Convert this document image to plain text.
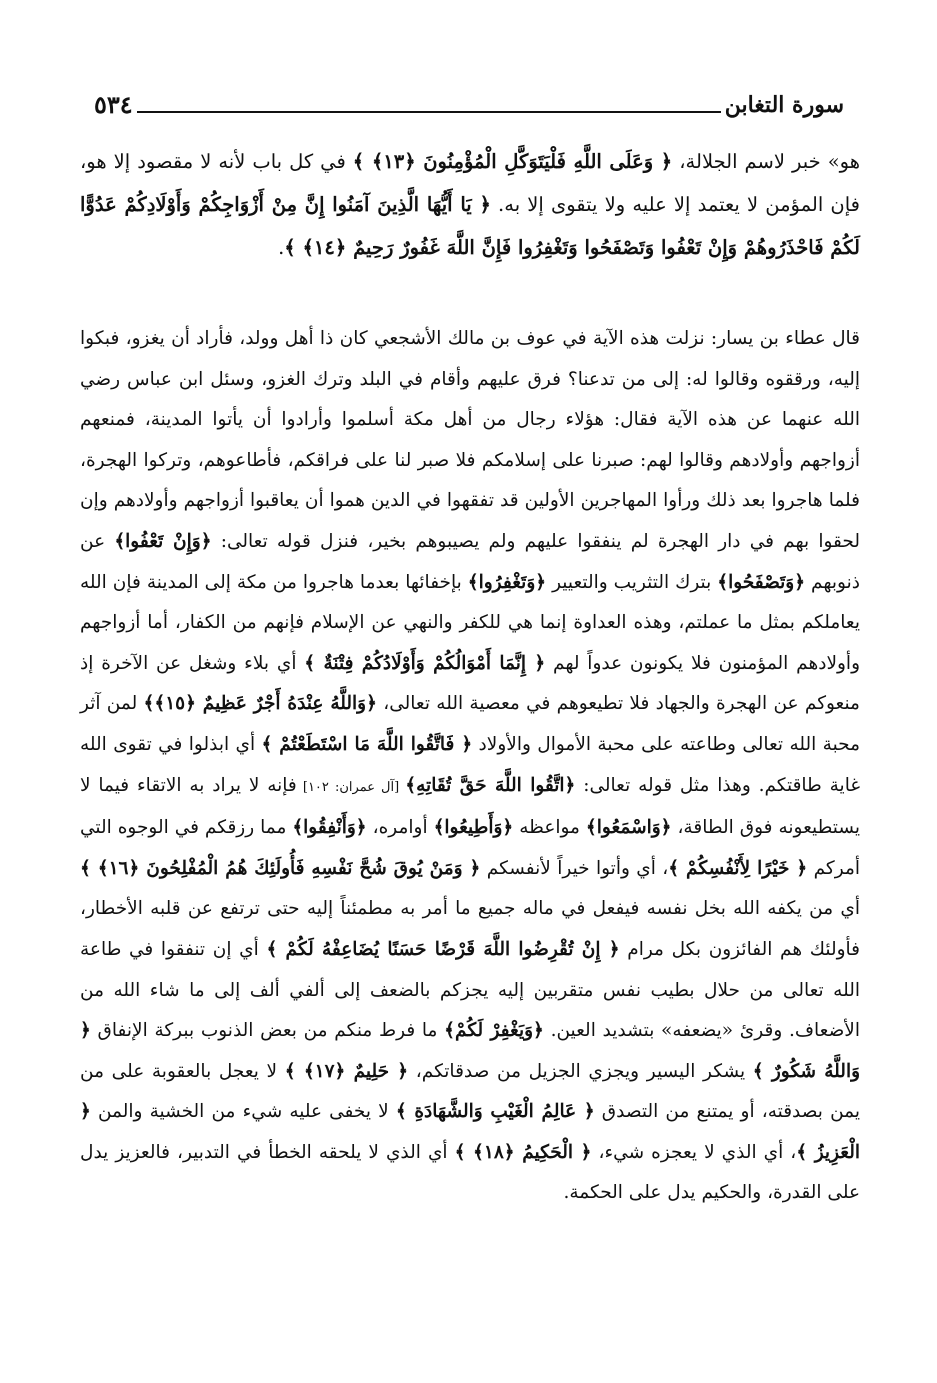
سورة التغابن
٥٣٤

هو» خبر لاسم الجلالة، ﴿ وَعَلَى اللَّهِ فَلْيَتَوَكَّلِ الْمُؤْمِنُونَ ﴿١٣﴾ ﴾ في كل باب لأنه لا مقصود إلا هو، فإن المؤمن لا يعتمد إلا عليه ولا يتقوى إلا به. ﴿ يَا أَيُّهَا الَّذِينَ آمَنُوا إِنَّ مِنْ أَزْوَاجِكُمْ وَأَوْلَادِكُمْ عَدُوًّا لَكُمْ فَاحْذَرُوهُمْ وَإِنْ تَعْفُوا وَتَصْفَحُوا وَتَغْفِرُوا فَإِنَّ اللَّهَ غَفُورٌ رَحِيمٌ ﴿١٤﴾ ﴾.

قال عطاء بن يسار: نزلت هذه الآية في عوف بن مالك الأشجعي كان ذا أهل وولد، فأراد أن يغزو، فبكوا إليه، ورققوه وقالوا له: إلى من تدعنا؟ فرق عليهم وأقام في البلد وترك الغزو، وسئل ابن عباس رضي الله عنهما عن هذه الآية فقال: هؤلاء رجال من أهل مكة أسلموا وأرادوا أن يأتوا المدينة، فمنعهم أزواجهم وأولادهم وقالوا لهم: صبرنا على إسلامكم فلا صبر لنا على فراقكم، فأطاعوهم، وتركوا الهجرة، فلما هاجروا بعد ذلك ورأوا المهاجرين الأولين قد تفقهوا في الدين هموا أن يعاقبوا أزواجهم وأولادهم وإن لحقوا بهم في دار الهجرة لم ينفقوا عليهم ولم يصيبوهم بخير، فنزل قوله تعالى: ﴿وَإِنْ تَعْفُوا﴾ عن ذنوبهم ﴿وَتَصْفَحُوا﴾ بترك التثريب والتعيير ﴿وَتَغْفِرُوا﴾ بإخفائها بعدما هاجروا من مكة إلى المدينة فإن الله يعاملكم بمثل ما عملتم، وهذه العداوة إنما هي للكفر والنهي عن الإسلام فإنهم من الكفار، أما أزواجهم وأولادهم المؤمنون فلا يكونون عدواً لهم ﴿ إِنَّمَا أَمْوَالُكُمْ وَأَوْلَادُكُمْ فِتْنَةٌ ﴾ أي بلاء وشغل عن الآخرة إذ منعوكم عن الهجرة والجهاد فلا تطيعوهم في معصية الله تعالى، ﴿وَاللَّهُ عِنْدَهُ أَجْرٌ عَظِيمٌ ﴿١٥﴾﴾ لمن آثر محبة الله تعالى وطاعته على محبة الأموال والأولاد ﴿ فَاتَّقُوا اللَّهَ مَا اسْتَطَعْتُمْ ﴾ أي ابذلوا في تقوى الله غاية طاقتكم. وهذا مثل قوله تعالى: ﴿اتَّقُوا اللَّهَ حَقَّ تُقَاتِهِ﴾ [آل عمران: ١٠٢] فإنه لا يراد به الاتقاء فيما لا يستطيعونه فوق الطاقة، ﴿وَاسْمَعُوا﴾ مواعظه ﴿وَأَطِيعُوا﴾ أوامره، ﴿وَأَنْفِقُوا﴾ مما رزقكم في الوجوه التي أمركم ﴿ خَيْرًا لِأَنْفُسِكُمْ ﴾، أي وأتوا خيراً لأنفسكم ﴿ وَمَنْ يُوقَ شُحَّ نَفْسِهِ فَأُولَئِكَ هُمُ الْمُفْلِحُونَ ﴿١٦﴾ ﴾ أي من يكفه الله بخل نفسه فيفعل في ماله جميع ما أمر به مطمئناً إليه حتى ترتفع عن قلبه الأخطار، فأولئك هم الفائزون بكل مرام ﴿ إِنْ تُقْرِضُوا اللَّهَ قَرْضًا حَسَنًا يُضَاعِفْهُ لَكُمْ ﴾ أي إن تنفقوا في طاعة الله تعالى من حلال بطيب نفس متقربين إليه يجزكم بالضعف إلى ألفي ألف إلى ما شاء الله من الأضعاف. وقرئ «يضعفه» بتشديد العين. ﴿وَيَغْفِرْ لَكُمْ﴾ ما فرط منكم من بعض الذنوب ببركة الإنفاق ﴿ وَاللَّهُ شَكُورٌ ﴾ يشكر اليسير ويجزي الجزيل من صدقاتكم، ﴿ حَلِيمٌ ﴿١٧﴾ ﴾ لا يعجل بالعقوبة على من يمن بصدقته، أو يمتنع من التصدق ﴿ عَالِمُ الْغَيْبِ وَالشَّهَادَةِ ﴾ لا يخفى عليه شيء من الخشية والمن ﴿ الْعَزِيزُ ﴾، أي الذي لا يعجزه شيء، ﴿ الْحَكِيمُ ﴿١٨﴾ ﴾ أي الذي لا يلحقه الخطأ في التدبير، فالعزيز يدل على القدرة، والحكيم يدل على الحكمة.
